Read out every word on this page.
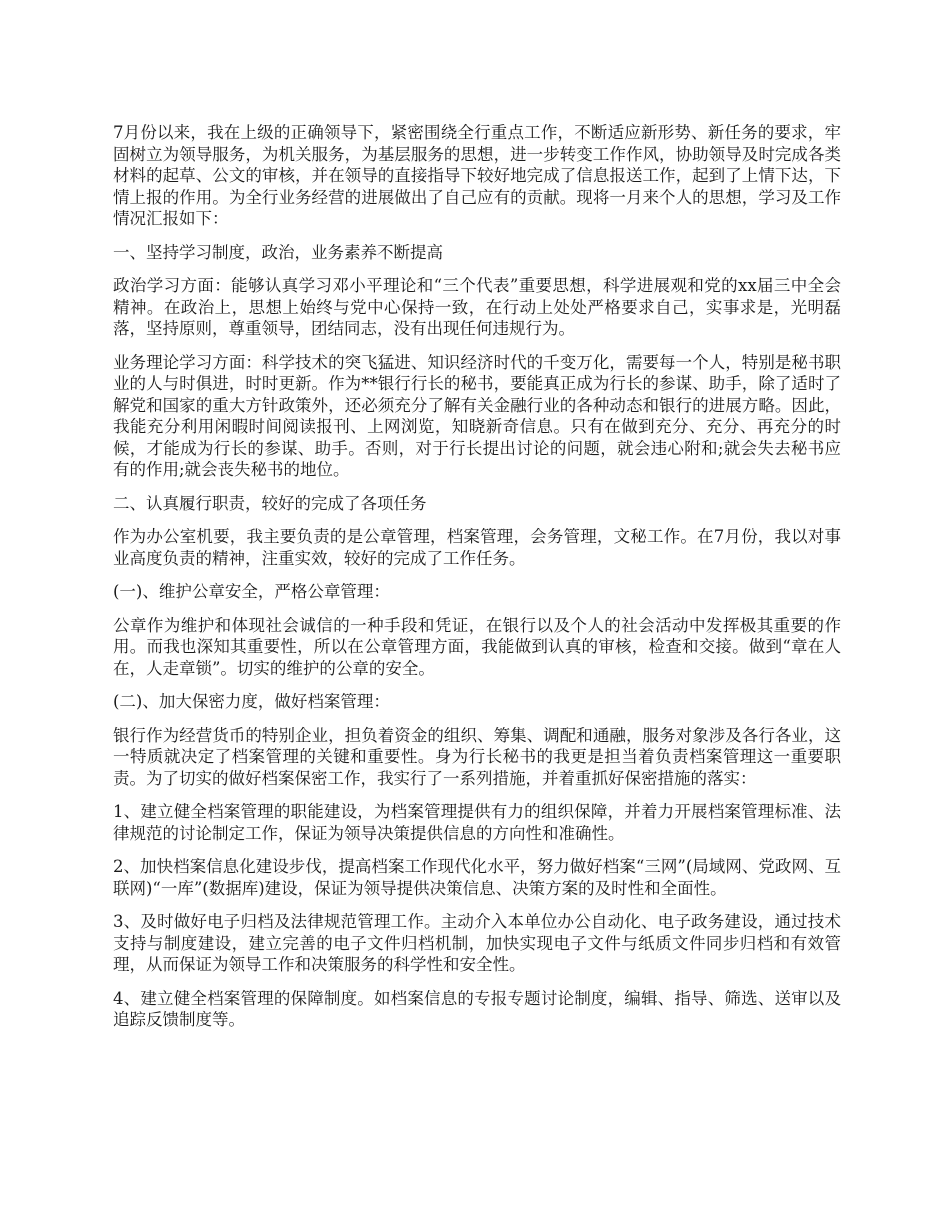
7月份以来，我在上级的正确领导下，紧密围绕全行重点工作，不断适应新形势、新任务的要求，牢固树立为领导服务，为机关服务，为基层服务的思想，进一步转变工作作风，协助领导及时完成各类材料的起草、公文的审核，并在领导的直接指导下较好地完成了信息报送工作，起到了上情下达，下情上报的作用。为全行业务经营的进展做出了自己应有的贡献。现将一月来个人的思想，学习及工作情况汇报如下：

一、坚持学习制度，政治，业务素养不断提高

政治学习方面：能够认真学习邓小平理论和“三个代表”重要思想，科学进展观和党的xx届三中全会精神。在政治上，思想上始终与党中心保持一致，在行动上处处严格要求自己，实事求是，光明磊落，坚持原则，尊重领导，团结同志，没有出现任何违规行为。

业务理论学习方面：科学技术的突飞猛进、知识经济时代的千变万化，需要每一个人，特别是秘书职业的人与时俱进，时时更新。作为**银行行长的秘书，要能真正成为行长的参谋、助手，除了适时了解党和国家的重大方针政策外，还必须充分了解有关金融行业的各种动态和银行的进展方略。因此，我能充分利用闲暇时间阅读报刊、上网浏览，知晓新奇信息。只有在做到充分、充分、再充分的时候，才能成为行长的参谋、助手。否则，对于行长提出讨论的问题，就会违心附和;就会失去秘书应有的作用;就会丧失秘书的地位。

二、认真履行职责，较好的完成了各项任务

作为办公室机要，我主要负责的是公章管理，档案管理，会务管理，文秘工作。在7月份，我以对事业高度负责的精神，注重实效，较好的完成了工作任务。

(一)、维护公章安全，严格公章管理：

公章作为维护和体现社会诚信的一种手段和凭证，在银行以及个人的社会活动中发挥极其重要的作用。而我也深知其重要性，所以在公章管理方面，我能做到认真的审核，检查和交接。做到“章在人在，人走章锁”。切实的维护的公章的安全。

(二)、加大保密力度，做好档案管理：

银行作为经营货币的特别企业，担负着资金的组织、筹集、调配和通融，服务对象涉及各行各业，这一特质就决定了档案管理的关键和重要性。身为行长秘书的我更是担当着负责档案管理这一重要职责。为了切实的做好档案保密工作，我实行了一系列措施，并着重抓好保密措施的落实：

1、建立健全档案管理的职能建设，为档案管理提供有力的组织保障，并着力开展档案管理标准、法律规范的讨论制定工作，保证为领导决策提供信息的方向性和准确性。

2、加快档案信息化建设步伐，提高档案工作现代化水平，努力做好档案“三网”(局域网、党政网、互联网)“一库”(数据库)建设，保证为领导提供决策信息、决策方案的及时性和全面性。

3、及时做好电子归档及法律规范管理工作。主动介入本单位办公自动化、电子政务建设，通过技术支持与制度建设，建立完善的电子文件归档机制，加快实现电子文件与纸质文件同步归档和有效管理，从而保证为领导工作和决策服务的科学性和安全性。

4、建立健全档案管理的保障制度。如档案信息的专报专题讨论制度，编辑、指导、筛选、送审以及追踪反馈制度等。
